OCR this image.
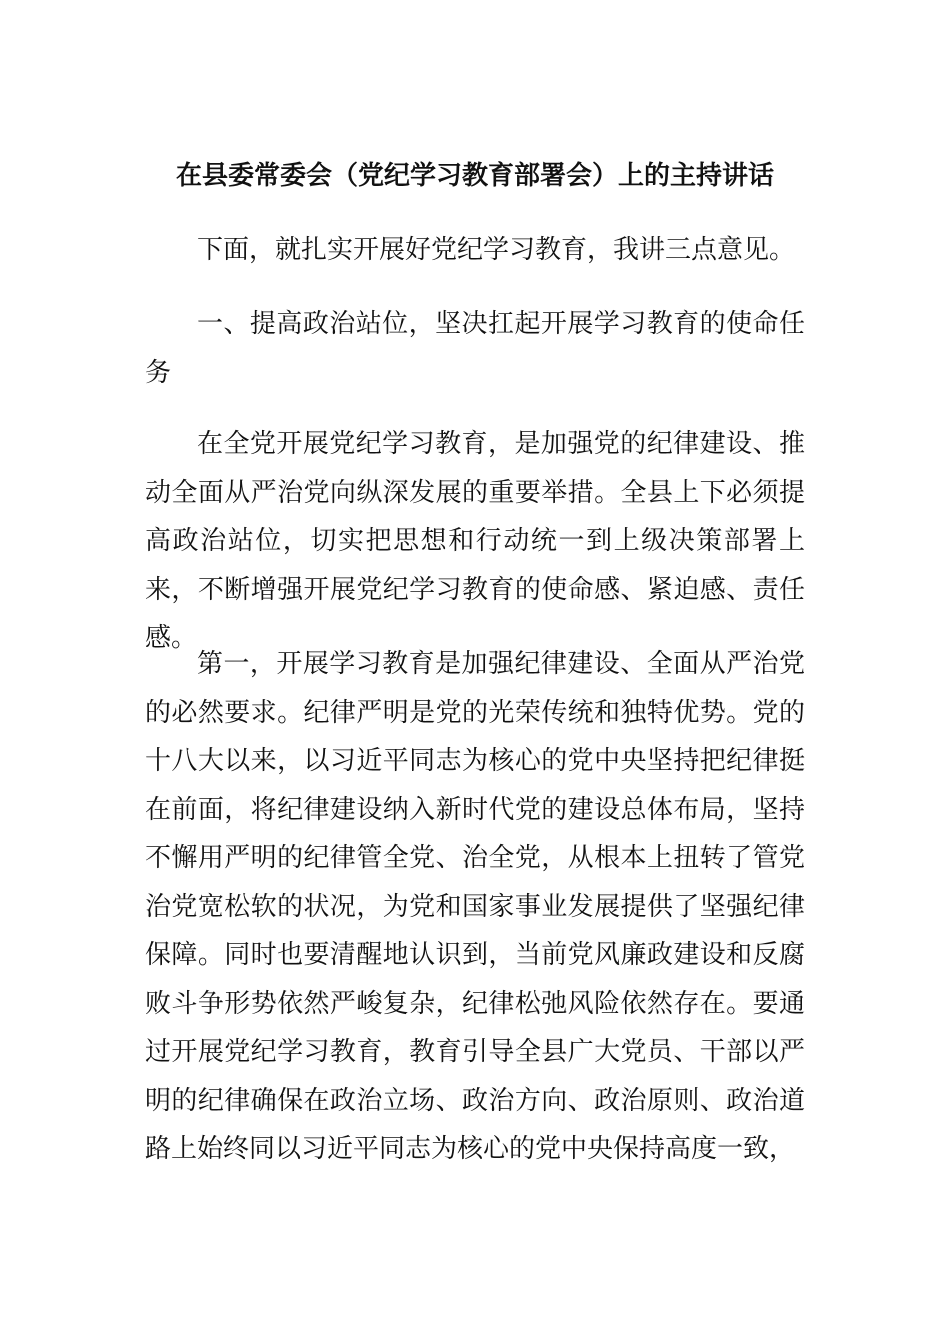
在县委常委会（党纪学习教育部署会）上的主持讲话

下面，就扎实开展好党纪学习教育，我讲三点意见。

一、提高政治站位，坚决扛起开展学习教育的使命任务

在全党开展党纪学习教育，是加强党的纪律建设、推动全面从严治党向纵深发展的重要举措。全县上下必须提高政治站位，切实把思想和行动统一到上级决策部署上来，不断增强开展党纪学习教育的使命感、紧迫感、责任感。

第一，开展学习教育是加强纪律建设、全面从严治党的必然要求。纪律严明是党的光荣传统和独特优势。党的十八大以来，以习近平同志为核心的党中央坚持把纪律挺在前面，将纪律建设纳入新时代党的建设总体布局，坚持不懈用严明的纪律管全党、治全党，从根本上扭转了管党治党宽松软的状况，为党和国家事业发展提供了坚强纪律保障。同时也要清醒地认识到，当前党风廉政建设和反腐败斗争形势依然严峻复杂，纪律松弛风险依然存在。要通过开展党纪学习教育，教育引导全县广大党员、干部以严明的纪律确保在政治立场、政治方向、政治原则、政治道路上始终同以习近平同志为核心的党中央保持高度一致，
